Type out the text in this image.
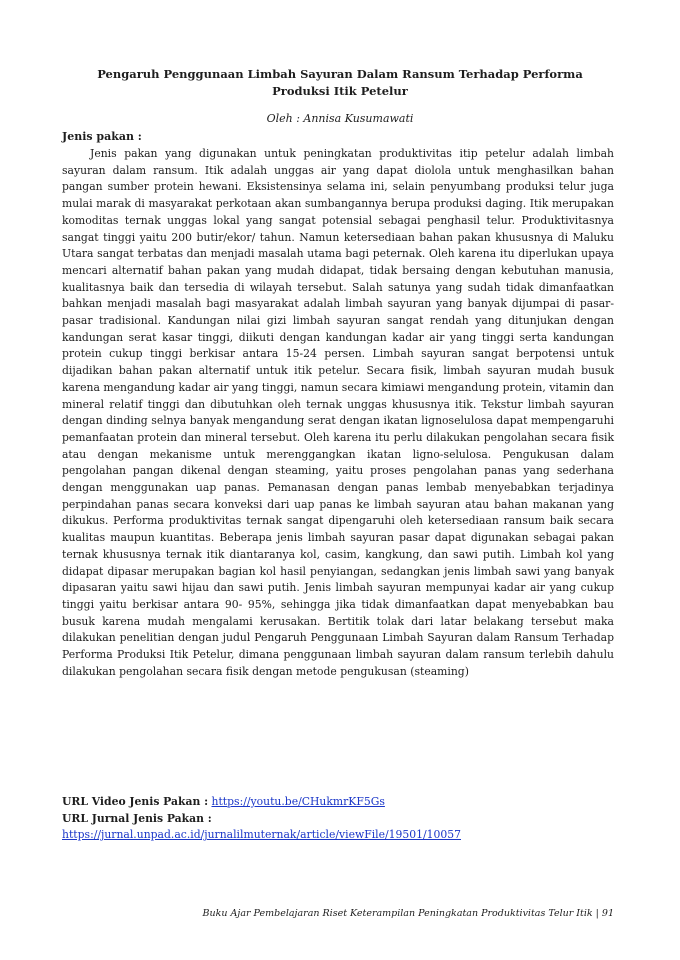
Pengaruh Penggunaan Limbah Sayuran Dalam Ransum Terhadap Performa Produksi Itik Petelur
Oleh : Annisa Kusumawati
Jenis pakan :

Jenis pakan yang digunakan untuk peningkatan produktivitas itip petelur adalah limbah sayuran dalam ransum. Itik adalah unggas air yang dapat diolola untuk menghasilkan bahan pangan sumber protein hewani. Eksistensinya selama ini, selain penyumbang produksi telur juga mulai marak di masyarakat perkotaan akan sumbangannya berupa produksi daging. Itik merupakan komoditas ternak unggas lokal yang sangat potensial sebagai penghasil telur. Produktivitasnya sangat tinggi yaitu 200 butir/ekor/ tahun. Namun ketersediaan bahan pakan khususnya di Maluku Utara sangat terbatas dan menjadi masalah utama bagi peternak. Oleh karena itu diperlukan upaya mencari alternatif bahan pakan yang mudah didapat, tidak bersaing dengan kebutuhan manusia, kualitasnya baik dan tersedia di wilayah tersebut. Salah satunya yang sudah tidak dimanfaatkan bahkan menjadi masalah bagi masyarakat adalah limbah sayuran yang banyak dijumpai di pasar-pasar tradisional. Kandungan nilai gizi limbah sayuran sangat rendah yang ditunjukan dengan kandungan serat kasar tinggi, diikuti dengan kandungan kadar air yang tinggi serta kandungan protein cukup tinggi berkisar antara 15-24 persen. Limbah sayuran sangat berpotensi untuk dijadikan bahan pakan alternatif untuk itik petelur. Secara fisik, limbah sayuran mudah busuk karena mengandung kadar air yang tinggi, namun secara kimiawi mengandung protein, vitamin dan mineral relatif tinggi dan dibutuhkan oleh ternak unggas khususnya itik. Tekstur limbah sayuran dengan dinding selnya banyak mengandung serat dengan ikatan lignoselulosa dapat mempengaruhi pemanfaatan protein dan mineral tersebut. Oleh karena itu perlu dilakukan pengolahan secara fisik atau dengan mekanisme untuk merenggangkan ikatan ligno-selulosa. Pengukusan dalam pengolahan pangan dikenal dengan steaming, yaitu proses pengolahan panas yang sederhana dengan menggunakan uap panas. Pemanasan dengan panas lembab menyebabkan terjadinya perpindahan panas secara konveksi dari uap panas ke limbah sayuran atau bahan makanan yang dikukus. Performa produktivitas ternak sangat dipengaruhi oleh ketersediaan ransum baik secara kualitas maupun kuantitas. Beberapa jenis limbah sayuran pasar dapat digunakan sebagai pakan ternak khususnya ternak itik diantaranya kol, casim, kangkung, dan sawi putih. Limbah kol yang didapat dipasar merupakan bagian kol hasil penyiangan, sedangkan jenis limbah sawi yang banyak dipasaran yaitu sawi hijau dan sawi putih. Jenis limbah sayuran mempunyai kadar air yang cukup tinggi yaitu berkisar antara 90- 95%, sehingga jika tidak dimanfaatkan dapat menyebabkan bau busuk karena mudah mengalami kerusakan. Bertitik tolak dari latar belakang tersebut maka dilakukan penelitian dengan judul Pengaruh Penggunaan Limbah Sayuran dalam Ransum Terhadap Performa Produksi Itik Petelur, dimana penggunaan limbah sayuran dalam ransum terlebih dahulu dilakukan pengolahan secara fisik dengan metode pengukusan (steaming)

URL Video Jenis Pakan : https://youtu.be/CHukmrKF5Gs
URL Jurnal Jenis Pakan :
https://jurnal.unpad.ac.id/jurnalilmuternak/article/viewFile/19501/10057
Buku Ajar Pembelajaran Riset Keterampilan Peningkatan Produktivitas Telur Itik | 91
